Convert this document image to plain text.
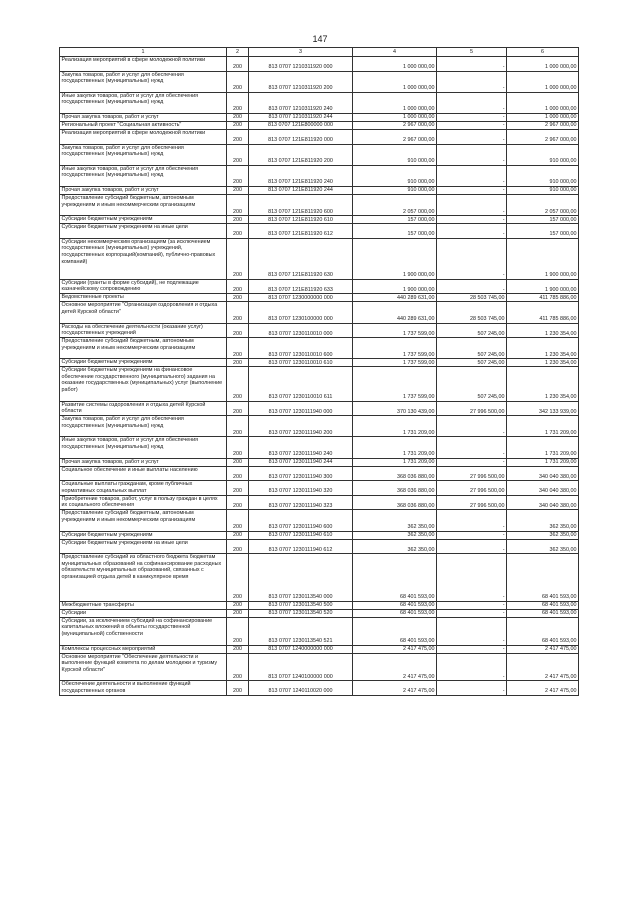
147
1	2	3	4	5	6
Реализация мероприятий в сфере молодежной политики	200	813 0707 1210311920 000	1 000 000,00	-	1 000 000,00
Закупка товаров, работ и услуг для обеспечения государственных (муниципальных) нужд	200	813 0707 1210311920 200	1 000 000,00	-	1 000 000,00
Иные закупки товаров, работ и услуг для обеспечения государственных (муниципальных) нужд	200	813 0707 1210311920 240	1 000 000,00	-	1 000 000,00
Прочая закупка товаров, работ и услуг	200	813 0707 1210311920 244	1 000 000,00	-	1 000 000,00
Региональный проект "Социальная активность"	200	813 0707 121Е800000 000	2 967 000,00	-	2 967 000,00
Реализация мероприятий в сфере молодежной политики	200	813 0707 121Е811920 000	2 967 000,00	-	2 967 000,00
Закупка товаров, работ и услуг для обеспечения государственных (муниципальных) нужд	200	813 0707 121Е811920 200	910 000,00	-	910 000,00
Иные закупки товаров, работ и услуг для обеспечения государственных (муниципальных) нужд	200	813 0707 121Е811920 240	910 000,00	-	910 000,00
Прочая закупка товаров, работ и услуг	200	813 0707 121Е811920 244	910 000,00	-	910 000,00
Предоставление субсидий бюджетным, автономным учреждениям и иным некоммерческим организациям	200	813 0707 121Е811920 600	2 057 000,00	-	2 057 000,00
Субсидии бюджетным учреждениям	200	813 0707 121Е811920 610	157 000,00	-	157 000,00
Субсидии бюджетным учреждениям на иные цели	200	813 0707 121Е811920 612	157 000,00	-	157 000,00
Субсидии некоммерческим организациям (за исключением государственных (муниципальных) учреждений, государственных корпораций(компаний), публично-правовых компаний)	200	813 0707 121Е811920 630	1 900 000,00	-	1 900 000,00
Субсидии (гранты в форме субсидий), не подлежащие казначейскому сопровождению	200	813 0707 121Е811920 633	1 900 000,00	-	1 900 000,00
Ведомственные проекты	200	813 0707 1230000000 000	440 289 631,00	28 503 745,00	411 785 886,00
Основное мероприятие "Организация оздоровления и отдыха детей Курской области"	200	813 0707 1230100000 000	440 289 631,00	28 503 745,00	411 785 886,00
Расходы на обеспечение деятельности (оказание услуг) государственных учреждений	200	813 0707 1230110010 000	1 737 599,00	507 245,00	1 230 354,00
Предоставление субсидий бюджетным, автономным учреждениям и иным некоммерческим организациям	200	813 0707 1230110010 600	1 737 599,00	507 245,00	1 230 354,00
Субсидии бюджетным учреждениям	200	813 0707 1230110010 610	1 737 599,00	507 245,00	1 230 354,00
Субсидии бюджетным учреждениям на финансовое обеспечение государственного (муниципального) задания на оказание государственных (муниципальных) услуг (выполнение работ)	200	813 0707 1230110010 611	1 737 599,00	507 245,00	1 230 354,00
Развитие системы оздоровления и отдыха детей Курской области	200	813 0707 1230111940 000	370 130 439,00	27 996 500,00	342 133 939,00
Закупка товаров, работ и услуг для обеспечения государственных (муниципальных) нужд	200	813 0707 1230111940 200	1 731 209,00	-	1 731 209,00
Иные закупки товаров, работ и услуг для обеспечения государственных (муниципальных) нужд	200	813 0707 1230111940 240	1 731 209,00	-	1 731 209,00
Прочая закупка товаров, работ и услуг	200	813 0707 1230111940 244	1 731 209,00	-	1 731 209,00
Социальное обеспечение и иные выплаты населению	200	813 0707 1230111940 300	368 036 880,00	27 996 500,00	340 040 380,00
Социальные выплаты гражданам, кроме публичных нормативных социальных выплат	200	813 0707 1230111940 320	368 036 880,00	27 996 500,00	340 040 380,00
Приобретение товаров, работ, услуг в пользу граждан в целях их социального обеспечения	200	813 0707 1230111940 323	368 036 880,00	27 996 500,00	340 040 380,00
Предоставление субсидий бюджетным, автономным учреждениям и иным некоммерческим организациям	200	813 0707 1230111940 600	362 350,00	-	362 350,00
Субсидии бюджетным учреждениям	200	813 0707 1230111940 610	362 350,00	-	362 350,00
Субсидии бюджетным учреждениям на иные цели	200	813 0707 1230111940 612	362 350,00	-	362 350,00
Предоставление субсидий из областного бюджета бюджетам муниципальных образований на софинансирование расходных обязательств муниципальных образований, связанных с организацией отдыха детей в каникулярное время	200	813 0707 1230113540 000	68 401 593,00	-	68 401 593,00
Межбюджетные трансферты	200	813 0707 1230113540 500	68 401 593,00	-	68 401 593,00
Субсидии	200	813 0707 1230113540 520	68 401 593,00	-	68 401 593,00
Субсидии, за исключением субсидий на софинансирование капитальных вложений в объекты государственной (муниципальной) собственности	200	813 0707 1230113540 521	68 401 593,00	-	68 401 593,00
Комплексы процессных мероприятий	200	813 0707 1240000000 000	2 417 475,00	-	2 417 475,00
Основное мероприятие "Обеспечение деятельности и выполнение функций комитета по делам молодежи и туризму Курской области"	200	813 0707 1240100000 000	2 417 475,00	-	2 417 475,00
Обеспечение деятельности и выполнение функций государственных органов	200	813 0707 1240110020 000	2 417 475,00	-	2 417 475,00
